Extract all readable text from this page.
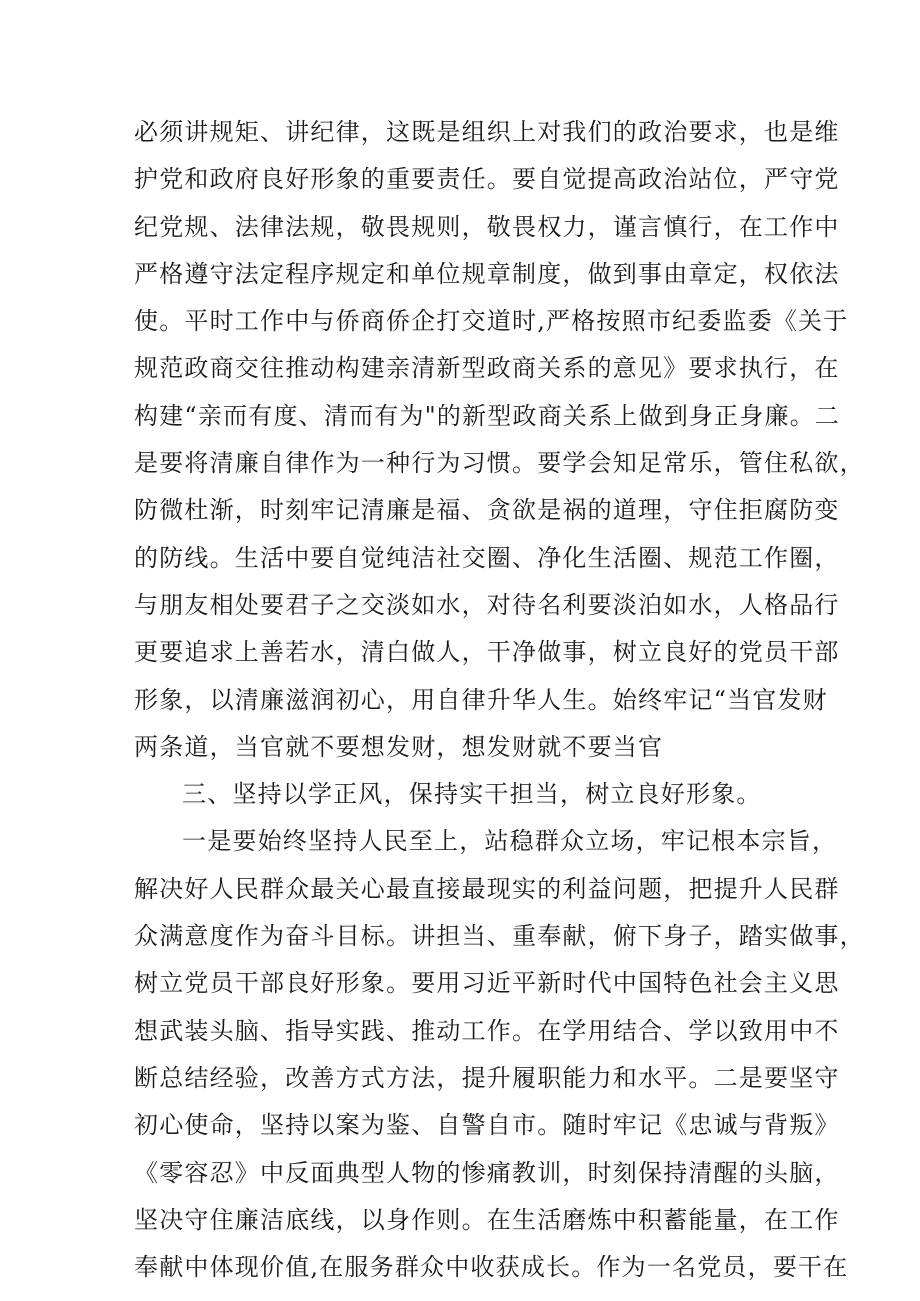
必须讲规矩、讲纪律，这既是组织上对我们的政治要求，也是维
护党和政府良好形象的重要责任。要自觉提高政治站位，严守党
纪党规、法律法规，敬畏规则，敬畏权力，谨言慎行，在工作中
严格遵守法定程序规定和单位规章制度，做到事由章定，权依法
使。平时工作中与侨商侨企打交道时,严格按照市纪委监委《关于
规范政商交往推动构建亲清新型政商关系的意见》要求执行，在
构建“亲而有度、清而有为"的新型政商关系上做到身正身廉。二
是要将清廉自律作为一种行为习惯。要学会知足常乐，管住私欲，
防微杜渐，时刻牢记清廉是福、贪欲是祸的道理，守住拒腐防变
的防线。生活中要自觉纯洁社交圈、净化生活圈、规范工作圈，
与朋友相处要君子之交淡如水，对待名利要淡泊如水，人格品行
更要追求上善若水，清白做人，干净做事，树立良好的党员干部
形象，以清廉滋润初心，用自律升华人生。始终牢记“当官发财
两条道，当官就不要想发财，想发财就不要当官
三、坚持以学正风，保持实干担当，树立良好形象。
一是要始终坚持人民至上，站稳群众立场，牢记根本宗旨，
解决好人民群众最关心最直接最现实的利益问题，把提升人民群
众满意度作为奋斗目标。讲担当、重奉献，俯下身子，踏实做事，
树立党员干部良好形象。要用习近平新时代中国特色社会主义思
想武装头脑、指导实践、推动工作。在学用结合、学以致用中不
断总结经验，改善方式方法，提升履职能力和水平。二是要坚守
初心使命，坚持以案为鉴、自警自市。随时牢记《忠诚与背叛》
《零容忍》中反面典型人物的惨痛教训，时刻保持清醒的头脑，
坚决守住廉洁底线，以身作则。在生活磨炼中积蓄能量，在工作
奉献中体现价值,在服务群众中收获成长。作为一名党员，要干在
